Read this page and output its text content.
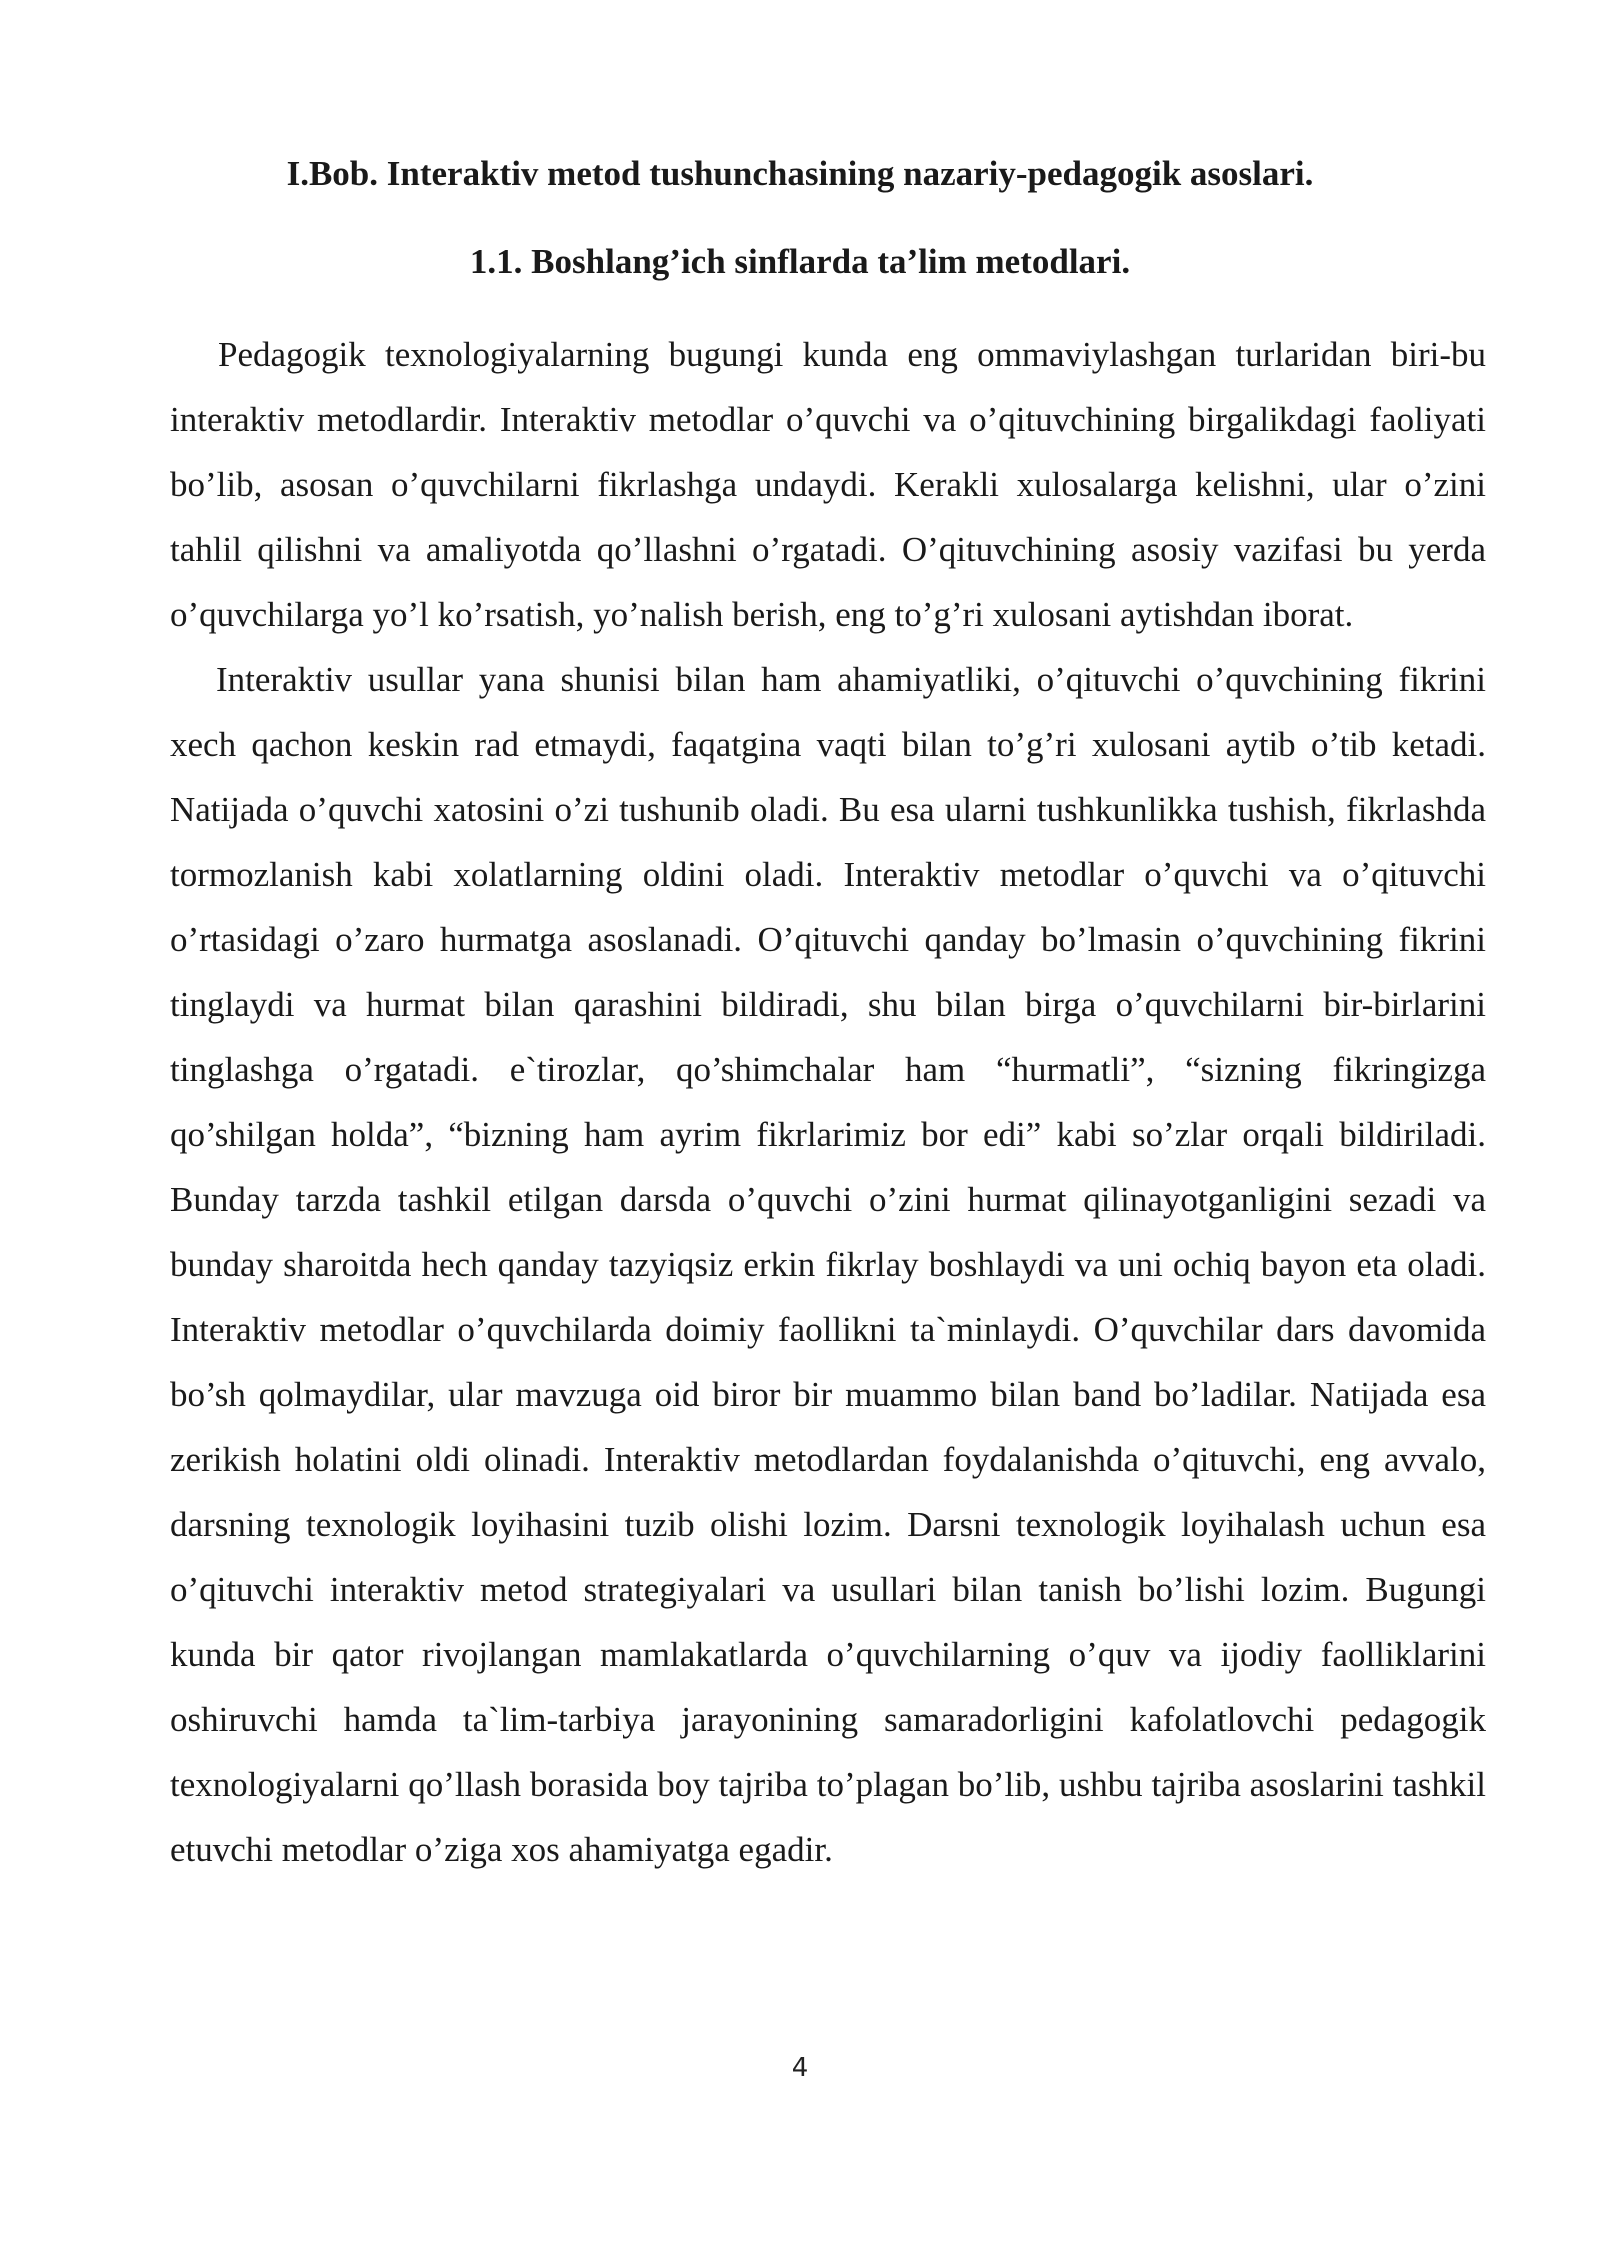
I.Bob. Interaktiv metod tushunchasining nazariy-pedagogik asoslari.
1.1. Boshlang’ich sinflarda ta’lim metodlari.

Pedagogik texnologiyalarning bugungi kunda eng ommaviylashgan turlaridan biri-bu interaktiv metodlardir. Interaktiv metodlar o’quvchi va o’qituvchining birgalikdagi faoliyati bo’lib, asosan o’quvchilarni fikrlashga undaydi. Kerakli xulosalarga kelishni, ular o’zini tahlil qilishni va amaliyotda qo’llashni o’rgatadi. O’qituvchining asosiy vazifasi bu yerda o’quvchilarga yo’l ko’rsatish, yo’nalish berish, eng to’g’ri xulosani aytishdan iborat.

Interaktiv usullar yana shunisi bilan ham ahamiyatliki, o’qituvchi o’quvchining fikrini xech qachon keskin rad etmaydi, faqatgina vaqti bilan to’g’ri xulosani aytib o’tib ketadi. Natijada o’quvchi xatosini o’zi tushunib oladi. Bu esa ularni tushkunlikka tushish, fikrlashda tormozlanish kabi xolatlarning oldini oladi. Interaktiv metodlar o’quvchi va o’qituvchi o’rtasidagi o’zaro hurmatga asoslanadi. O’qituvchi qanday bo’lmasin o’quvchining fikrini tinglaydi va hurmat bilan qarashini bildiradi, shu bilan birga o’quvchilarni bir-birlarini tinglashga o’rgatadi. e`tirozlar, qo’shimchalar ham “hurmatli”, “sizning fikringizga qo’shilgan holda”, “bizning ham ayrim fikrlarimiz bor edi” kabi so’zlar orqali bildiriladi. Bunday tarzda tashkil etilgan darsda o’quvchi o’zini hurmat qilinayotganligini sezadi va bunday sharoitda hech qanday tazyiqsiz erkin fikrlay boshlaydi va uni ochiq bayon eta oladi. Interaktiv metodlar o’quvchilarda doimiy faollikni ta`minlaydi. O’quvchilar dars davomida bo’sh qolmaydilar, ular mavzuga oid biror bir muammo bilan band bo’ladilar. Natijada esa zerikish holatini oldi olinadi. Interaktiv metodlardan foydalanishda o’qituvchi, eng avvalo, darsning texnologik loyihasini tuzib olishi lozim. Darsni texnologik loyihalash uchun esa o’qituvchi interaktiv metod strategiyalari va usullari bilan tanish bo’lishi lozim. Bugungi kunda bir qator rivojlangan mamlakatlarda o’quvchilarning o’quv va ijodiy faolliklarini oshiruvchi hamda ta`lim-tarbiya jarayonining samaradorligini kafolatlovchi pedagogik texnologiyalarni qo’llash borasida boy tajriba to’plagan bo’lib, ushbu tajriba asoslarini tashkil etuvchi metodlar o’ziga xos ahamiyatga egadir.

4
